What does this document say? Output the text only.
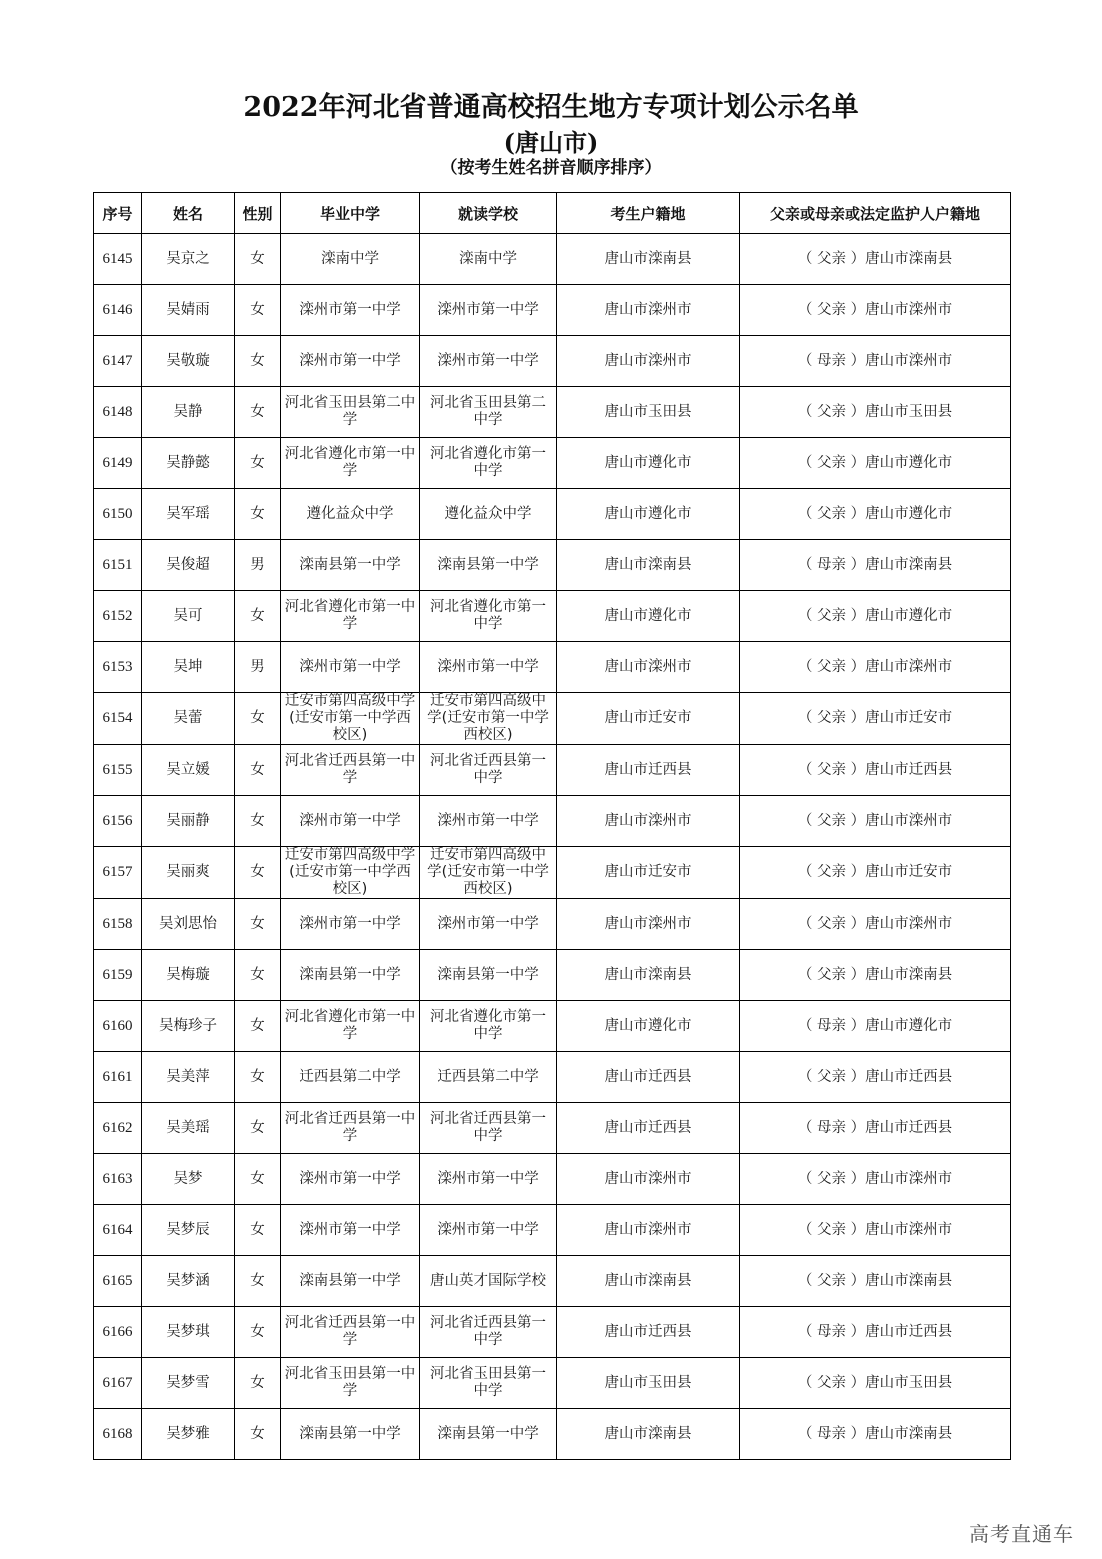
2022年河北省普通高校招生地方专项计划公示名单
(唐山市)
（按考生姓名拼音顺序排序）
序号	姓名	性别	毕业中学	就读学校	考生户籍地	父亲或母亲或法定监护人户籍地
6145	吴京之	女	滦南中学	滦南中学	唐山市滦南县	（ 父亲 ）唐山市滦南县
6146	吴婧雨	女	滦州市第一中学	滦州市第一中学	唐山市滦州市	（ 父亲 ）唐山市滦州市
6147	吴敬璇	女	滦州市第一中学	滦州市第一中学	唐山市滦州市	（ 母亲 ）唐山市滦州市
6148	吴静	女	河北省玉田县第二中学	河北省玉田县第二中学	唐山市玉田县	（ 父亲 ）唐山市玉田县
6149	吴静懿	女	河北省遵化市第一中学	河北省遵化市第一中学	唐山市遵化市	（ 父亲 ）唐山市遵化市
6150	吴军瑶	女	遵化益众中学	遵化益众中学	唐山市遵化市	（ 父亲 ）唐山市遵化市
6151	吴俊超	男	滦南县第一中学	滦南县第一中学	唐山市滦南县	（ 母亲 ）唐山市滦南县
6152	吴可	女	河北省遵化市第一中学	河北省遵化市第一中学	唐山市遵化市	（ 父亲 ）唐山市遵化市
6153	吴坤	男	滦州市第一中学	滦州市第一中学	唐山市滦州市	（ 父亲 ）唐山市滦州市
6154	吴蕾	女	迁安市第四高级中学(迁安市第一中学西校区)	迁安市第四高级中学(迁安市第一中学西校区)	唐山市迁安市	（ 父亲 ）唐山市迁安市
6155	吴立媛	女	河北省迁西县第一中学	河北省迁西县第一中学	唐山市迁西县	（ 父亲 ）唐山市迁西县
6156	吴丽静	女	滦州市第一中学	滦州市第一中学	唐山市滦州市	（ 父亲 ）唐山市滦州市
6157	吴丽爽	女	迁安市第四高级中学(迁安市第一中学西校区)	迁安市第四高级中学(迁安市第一中学西校区)	唐山市迁安市	（ 父亲 ）唐山市迁安市
6158	吴刘思怡	女	滦州市第一中学	滦州市第一中学	唐山市滦州市	（ 父亲 ）唐山市滦州市
6159	吴梅璇	女	滦南县第一中学	滦南县第一中学	唐山市滦南县	（ 父亲 ）唐山市滦南县
6160	吴梅珍子	女	河北省遵化市第一中学	河北省遵化市第一中学	唐山市遵化市	（ 母亲 ）唐山市遵化市
6161	吴美萍	女	迁西县第二中学	迁西县第二中学	唐山市迁西县	（ 父亲 ）唐山市迁西县
6162	吴美瑶	女	河北省迁西县第一中学	河北省迁西县第一中学	唐山市迁西县	（ 母亲 ）唐山市迁西县
6163	吴梦	女	滦州市第一中学	滦州市第一中学	唐山市滦州市	（ 父亲 ）唐山市滦州市
6164	吴梦辰	女	滦州市第一中学	滦州市第一中学	唐山市滦州市	（ 父亲 ）唐山市滦州市
6165	吴梦涵	女	滦南县第一中学	唐山英才国际学校	唐山市滦南县	（ 父亲 ）唐山市滦南县
6166	吴梦琪	女	河北省迁西县第一中学	河北省迁西县第一中学	唐山市迁西县	（ 母亲 ）唐山市迁西县
6167	吴梦雪	女	河北省玉田县第一中学	河北省玉田县第一中学	唐山市玉田县	（ 父亲 ）唐山市玉田县
6168	吴梦雅	女	滦南县第一中学	滦南县第一中学	唐山市滦南县	（ 母亲 ）唐山市滦南县
高考直通车
